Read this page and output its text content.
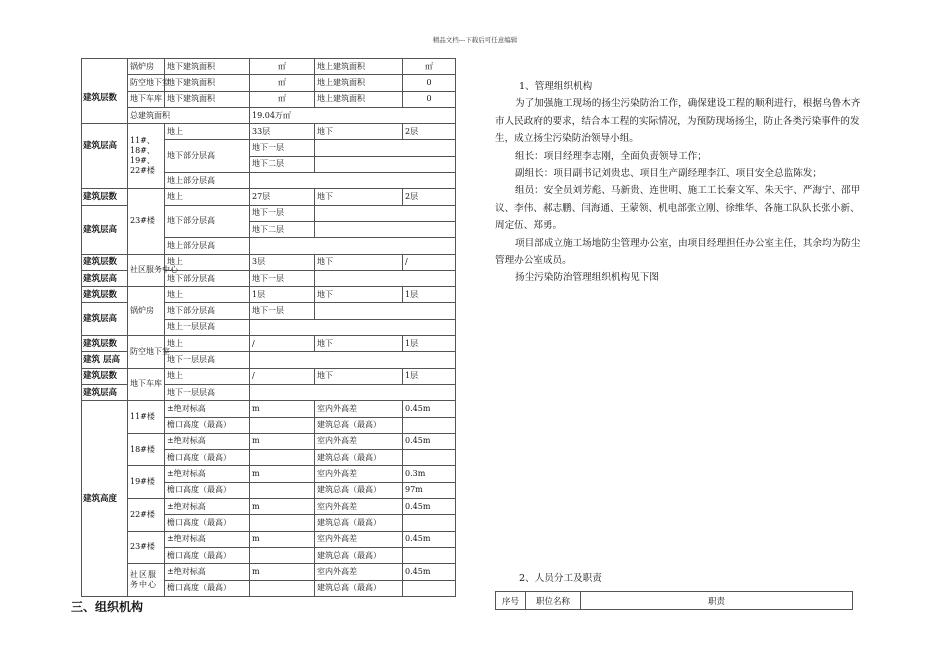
精品文档---下载后可任意编辑
建筑层数	锅炉房	地下建筑面积	㎡	地上建筑面积	㎡
	防空地下室	地下建筑面积	㎡	地上建筑面积	0
	地下车库	地下建筑面积	㎡	地上建筑面积	0
	总建筑面积		19.04万㎡		

建筑层高	11#、18#、19#、22#楼	地上	33层	地下	2层
		地下部分层高	地下一层		
			地下二层		
		地上部分层高			
建筑层数	23#楼	地上	27层	地下	2层
建筑层高		地下部分层高	地下一层		
			地下二层		
		地上部分层高			
建筑层数	社区服务中心	地上	3层	地下	/
建筑层高		地下部分层高	地下一层		
建筑层数	锅炉房	地上	1层	地下	1层
建筑层高		地下部分层高	地下一层		
		地上一层层高			
建筑层数	防空地下室	地上	/	地下	1层
建筑 层高		地下一层层高			
建筑层数	地下车库	地上	/	地下	1层
建筑层高		地下一层层高			
建筑高度	11#楼	±绝对标高	m	室内外高差	0.45m
		檐口高度（最高）		建筑总高（最高）	
	18#楼	±绝对标高	m	室内外高差	0.45m
		檐口高度（最高）		建筑总高（最高）	
	19#楼	±绝对标高	m	室内外高差	0.3m
		檐口高度（最高）		建筑总高（最高）	97m
	22#楼	±绝对标高	m	室内外高差	0.45m
		檐口高度（最高）		建筑总高（最高）	
	23#楼	±绝对标高	m	室内外高差	0.45m
		檐口高度（最高）		建筑总高（最高）	
	社区服务中心	±绝对标高	m	室内外高差	0.45m
		檐口高度（最高）		建筑总高（最高）	
三、组织机构

1、管理组织机构

为了加强施工现场的扬尘污染防治工作，确保建设工程的顺利进行，根据乌鲁木齐市人民政府的要求，结合本工程的实际情况，为预防现场扬尘，防止各类污染事件的发生，成立扬尘污染防治领导小组。

组长：项目经理李志刚，全面负责领导工作；

副组长：项目副书记刘贵忠、项目生产副经理李江、项目安全总监陈发；

组员：安全员刘芳彪、马新贵、连世明、施工工长秦文军、朱天宇、严海宁、邵甲议、李伟、郝志鹏、闫海通、王蒙领、机电部张立刚、徐维华、各施工队队长张小新、周定伍、郑勇。

项目部成立施工场地防尘管理办公室，由项目经理担任办公室主任，其余均为防尘管理办公室成员。

扬尘污染防治管理组织机构见下图

2、人员分工及职责
序号	职位名称	职责
